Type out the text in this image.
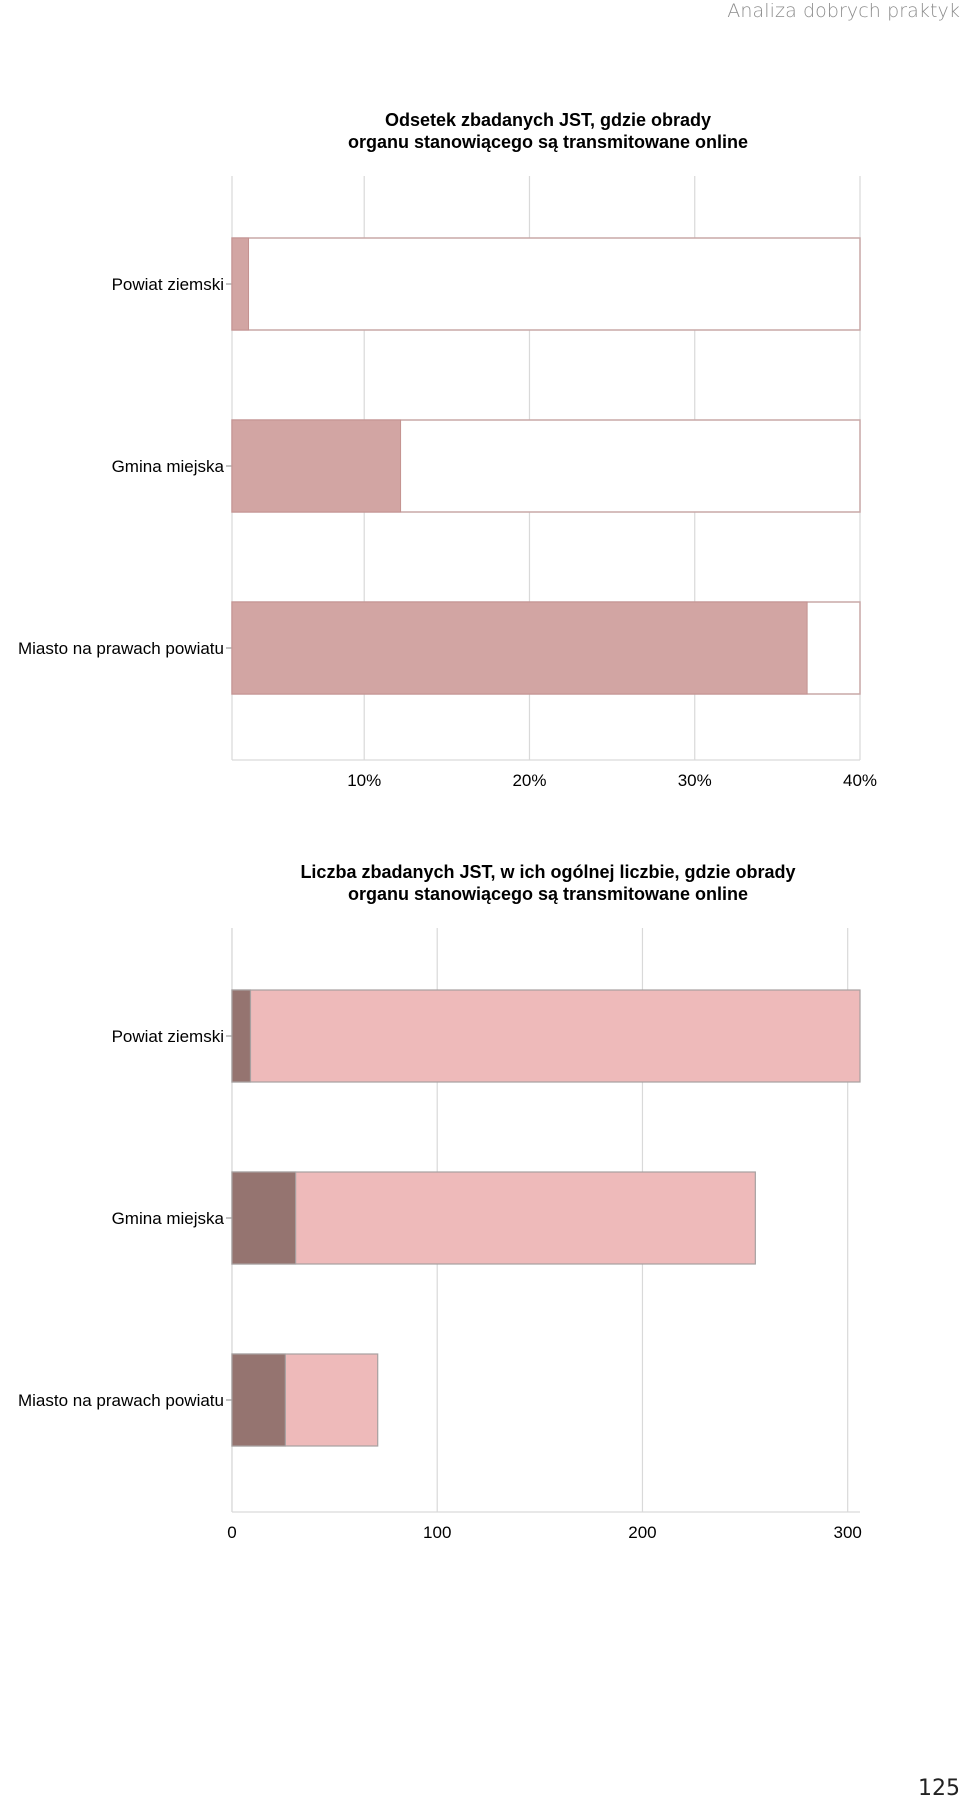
Analiza dobrych praktyk
Odsetek zbadanych JST, gdzie obrady
organu stanowiącego są transmitowane online
10%	20%	30%	40%
Powiat ziemski
Gmina miejska
Miasto na prawach powiatu
Liczba zbadanych JST, w ich ogólnej liczbie, gdzie obrady
organu stanowiącego są transmitowane online
0	100	200	300
Powiat ziemski
Gmina miejska
Miasto na prawach powiatu
125
